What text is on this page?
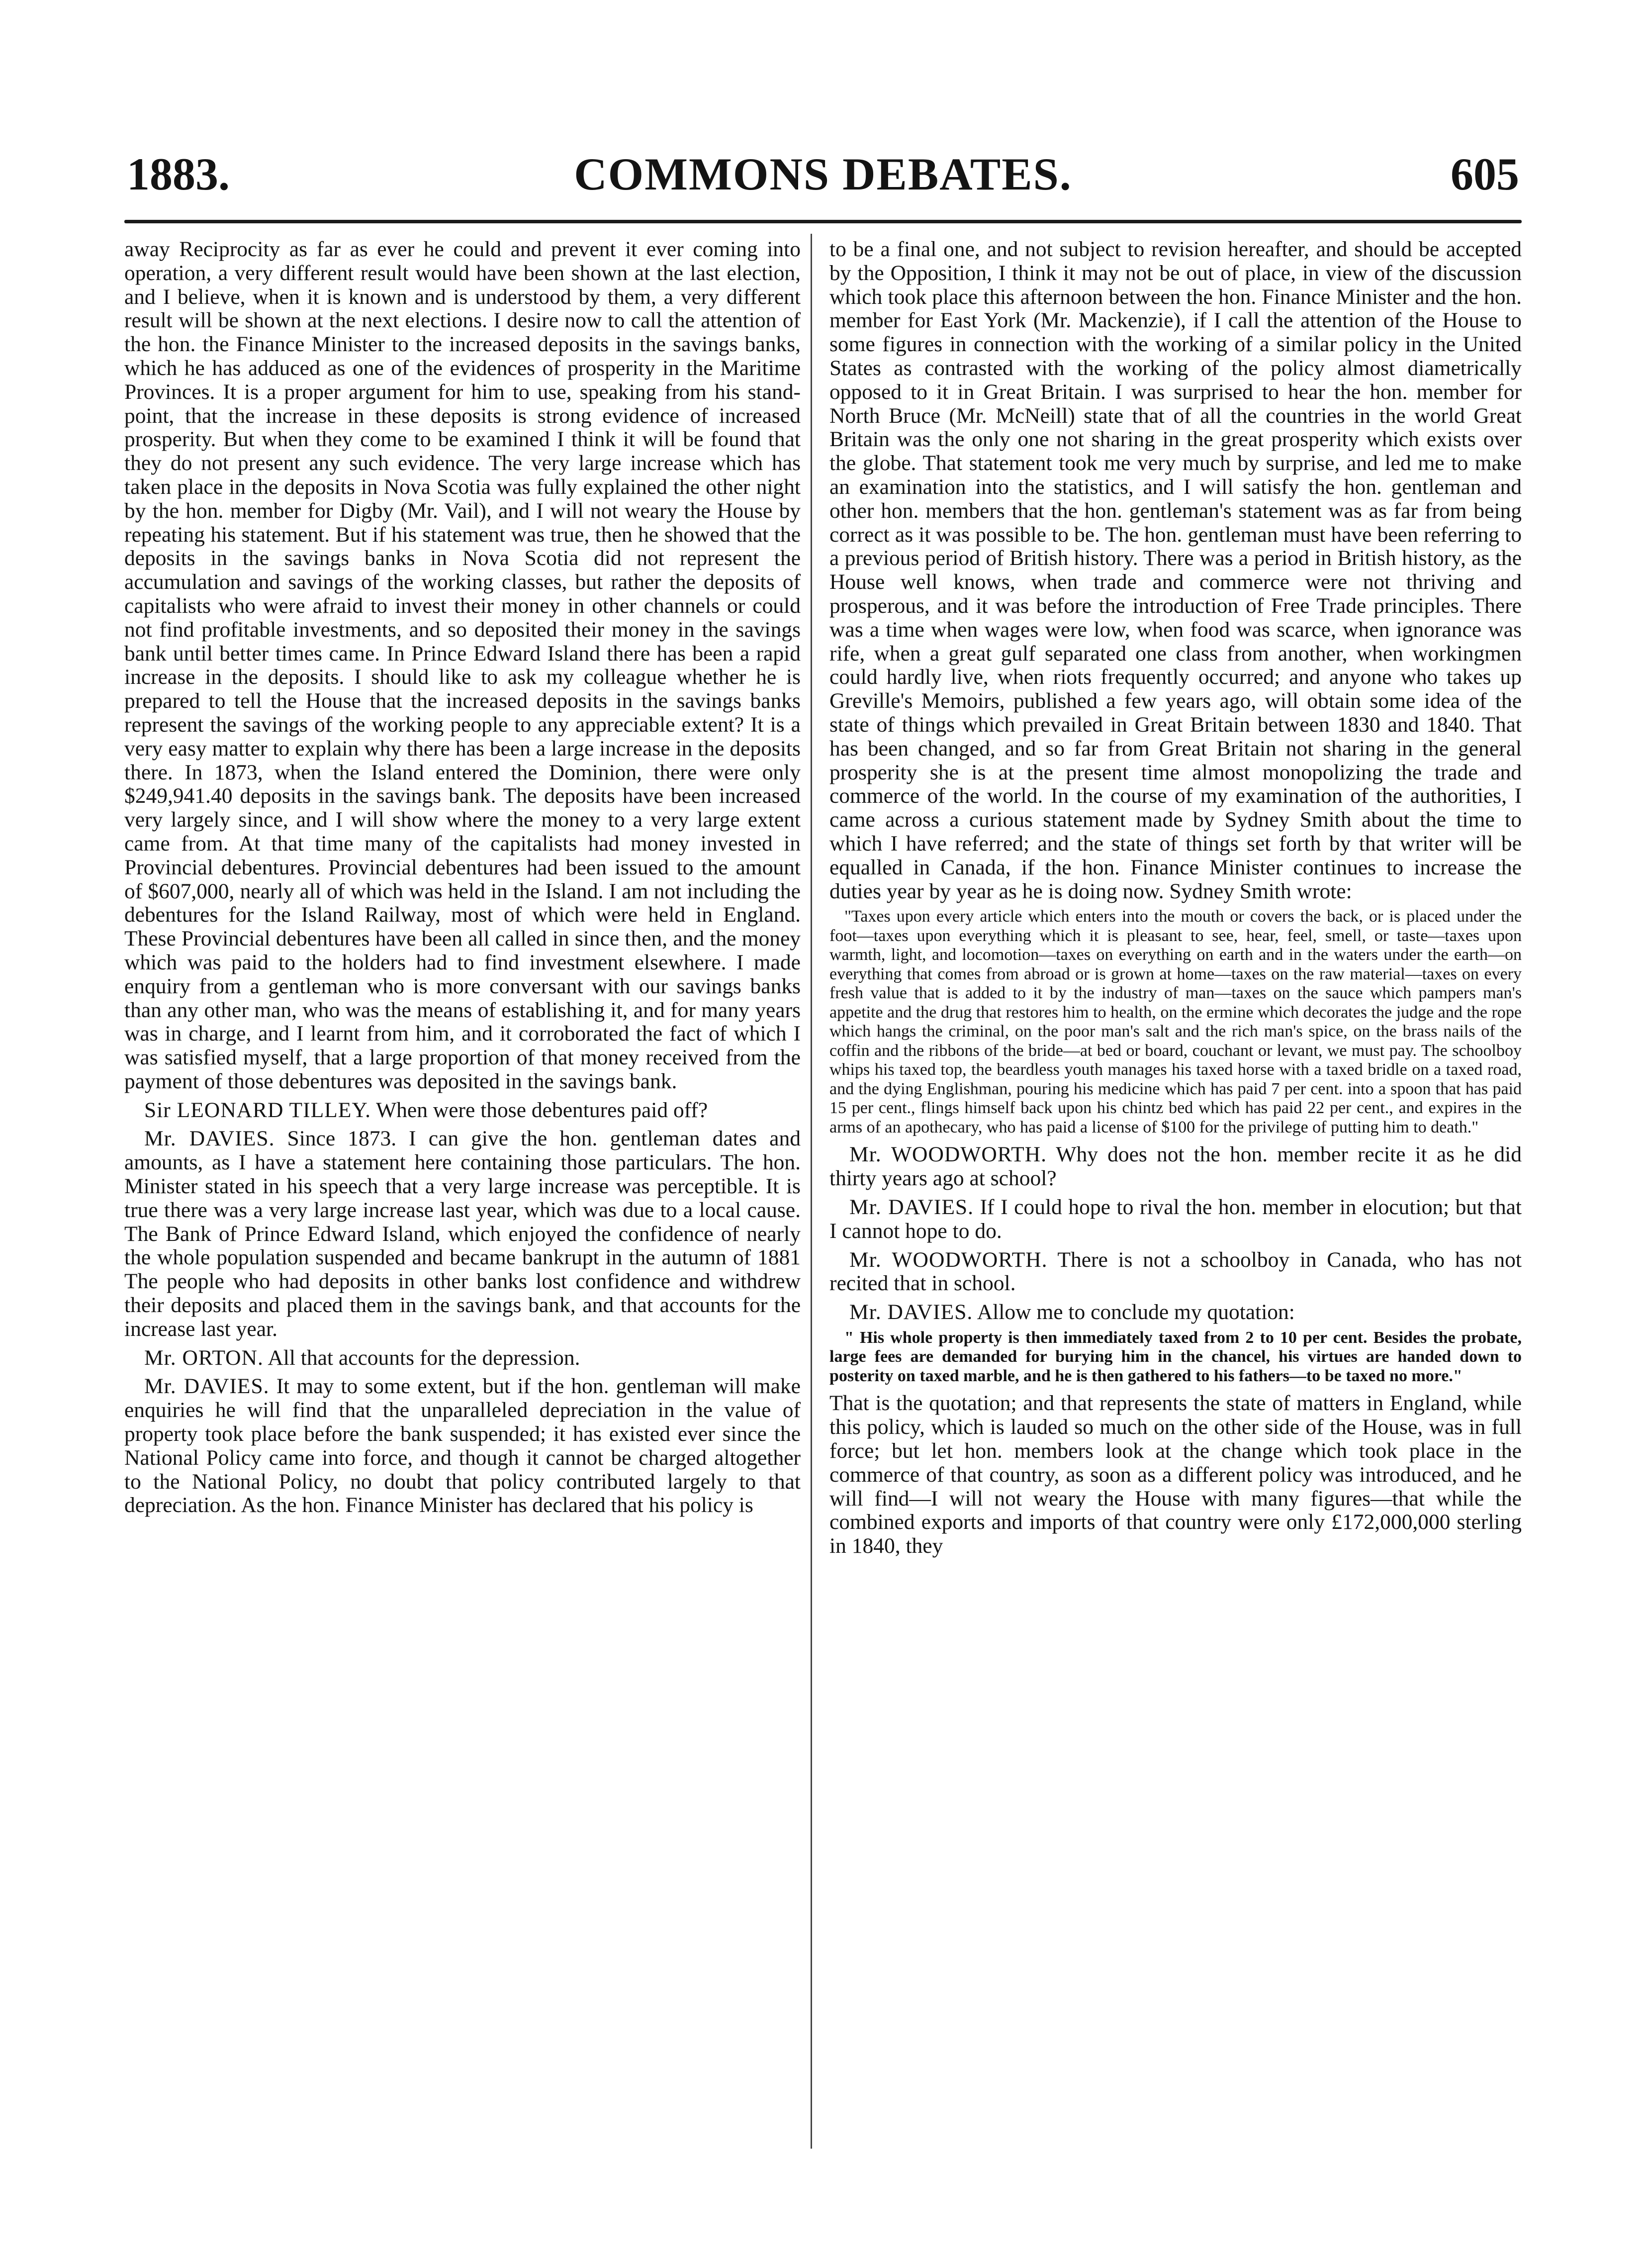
1883.	COMMONS DEBATES.	605

away Reciprocity as far as ever he could and prevent it ever coming into operation, a very different result would have been shown at the last election, and I believe, when it is known and is understood by them, a very different result will be shown at the next elections. I desire now to call the attention of the hon. the Finance Minister to the increased deposits in the savings banks, which he has adduced as one of the evidences of prosperity in the Maritime Provinces. It is a proper argument for him to use, speaking from his stand-point, that the increase in these deposits is strong evidence of increased prosperity. But when they come to be examined I think it will be found that they do not present any such evidence. The very large increase which has taken place in the deposits in Nova Scotia was fully explained the other night by the hon. member for Digby (Mr. Vail), and I will not weary the House by repeating his statement. But if his statement was true, then he showed that the deposits in the savings banks in Nova Scotia did not represent the accumulation and savings of the working classes, but rather the deposits of capitalists who were afraid to invest their money in other channels or could not find profitable investments, and so deposited their money in the savings bank until better times came. In Prince Edward Island there has been a rapid increase in the deposits. I should like to ask my colleague whether he is prepared to tell the House that the increased deposits in the savings banks represent the savings of the working people to any appreciable extent? It is a very easy matter to explain why there has been a large increase in the deposits there. In 1873, when the Island entered the Dominion, there were only $249,941.40 deposits in the savings bank. The deposits have been increased very largely since, and I will show where the money to a very large extent came from. At that time many of the capitalists had money invested in Provincial debentures. Provincial debentures had been issued to the amount of $607,000, nearly all of which was held in the Island. I am not including the debentures for the Island Railway, most of which were held in England. These Provincial debentures have been all called in since then, and the money which was paid to the holders had to find investment elsewhere. I made enquiry from a gentleman who is more conversant with our savings banks than any other man, who was the means of establishing it, and for many years was in charge, and I learnt from him, and it corroborated the fact of which I was satisfied myself, that a large proportion of that money received from the payment of those debentures was deposited in the savings bank.

Sir LEONARD TILLEY. When were those debentures paid off?

Mr. DAVIES. Since 1873. I can give the hon. gentleman dates and amounts, as I have a statement here containing those particulars. The hon. Minister stated in his speech that a very large increase was perceptible. It is true there was a very large increase last year, which was due to a local cause. The Bank of Prince Edward Island, which enjoyed the confidence of nearly the whole population suspended and became bankrupt in the autumn of 1881 The people who had deposits in other banks lost confidence and withdrew their deposits and placed them in the savings bank, and that accounts for the increase last year.

Mr. ORTON. All that accounts for the depression.

Mr. DAVIES. It may to some extent, but if the hon. gentleman will make enquiries he will find that the unparalleled depreciation in the value of property took place before the bank suspended; it has existed ever since the National Policy came into force, and though it cannot be charged altogether to the National Policy, no doubt that policy contributed largely to that depreciation. As the hon. Finance Minister has declared that his policy is

to be a final one, and not subject to revision hereafter, and should be accepted by the Opposition, I think it may not be out of place, in view of the discussion which took place this afternoon between the hon. Finance Minister and the hon. member for East York (Mr. Mackenzie), if I call the attention of the House to some figures in connection with the working of a similar policy in the United States as contrasted with the working of the policy almost diametrically opposed to it in Great Britain. I was surprised to hear the hon. member for North Bruce (Mr. McNeill) state that of all the countries in the world Great Britain was the only one not sharing in the great prosperity which exists over the globe. That statement took me very much by surprise, and led me to make an examination into the statistics, and I will satisfy the hon. gentleman and other hon. members that the hon. gentleman's statement was as far from being correct as it was possible to be. The hon. gentleman must have been referring to a previous period of British history. There was a period in British history, as the House well knows, when trade and commerce were not thriving and prosperous, and it was before the introduction of Free Trade principles. There was a time when wages were low, when food was scarce, when ignorance was rife, when a great gulf separated one class from another, when workingmen could hardly live, when riots frequently occurred; and anyone who takes up Greville's Memoirs, published a few years ago, will obtain some idea of the state of things which prevailed in Great Britain between 1830 and 1840. That has been changed, and so far from Great Britain not sharing in the general prosperity she is at the present time almost monopolizing the trade and commerce of the world. In the course of my examination of the authorities, I came across a curious statement made by Sydney Smith about the time to which I have referred; and the state of things set forth by that writer will be equalled in Canada, if the hon. Finance Minister continues to increase the duties year by year as he is doing now. Sydney Smith wrote:

"Taxes upon every article which enters into the mouth or covers the back, or is placed under the foot—taxes upon everything which it is pleasant to see, hear, feel, smell, or taste—taxes upon warmth, light, and locomotion—taxes on everything on earth and in the waters under the earth—on everything that comes from abroad or is grown at home—taxes on the raw material—taxes on every fresh value that is added to it by the industry of man—taxes on the sauce which pampers man's appetite and the drug that restores him to health, on the ermine which decorates the judge and the rope which hangs the criminal, on the poor man's salt and the rich man's spice, on the brass nails of the coffin and the ribbons of the bride—at bed or board, couchant or levant, we must pay. The schoolboy whips his taxed top, the beardless youth manages his taxed horse with a taxed bridle on a taxed road, and the dying Englishman, pouring his medicine which has paid 7 per cent. into a spoon that has paid 15 per cent., flings himself back upon his chintz bed which has paid 22 per cent., and expires in the arms of an apothecary, who has paid a license of $100 for the privilege of putting him to death."

Mr. WOODWORTH. Why does not the hon. member recite it as he did thirty years ago at school?

Mr. DAVIES. If I could hope to rival the hon. member in elocution; but that I cannot hope to do.

Mr. WOODWORTH. There is not a schoolboy in Canada, who has not recited that in school.

Mr. DAVIES. Allow me to conclude my quotation:

" His whole property is then immediately taxed from 2 to 10 per cent. Besides the probate, large fees are demanded for burying him in the chancel, his virtues are handed down to posterity on taxed marble, and he is then gathered to his fathers—to be taxed no more."

That is the quotation; and that represents the state of matters in England, while this policy, which is lauded so much on the other side of the House, was in full force; but let hon. members look at the change which took place in the commerce of that country, as soon as a different policy was introduced, and he will find—I will not weary the House with many figures—that while the combined exports and imports of that country were only £172,000,000 sterling in 1840, they
